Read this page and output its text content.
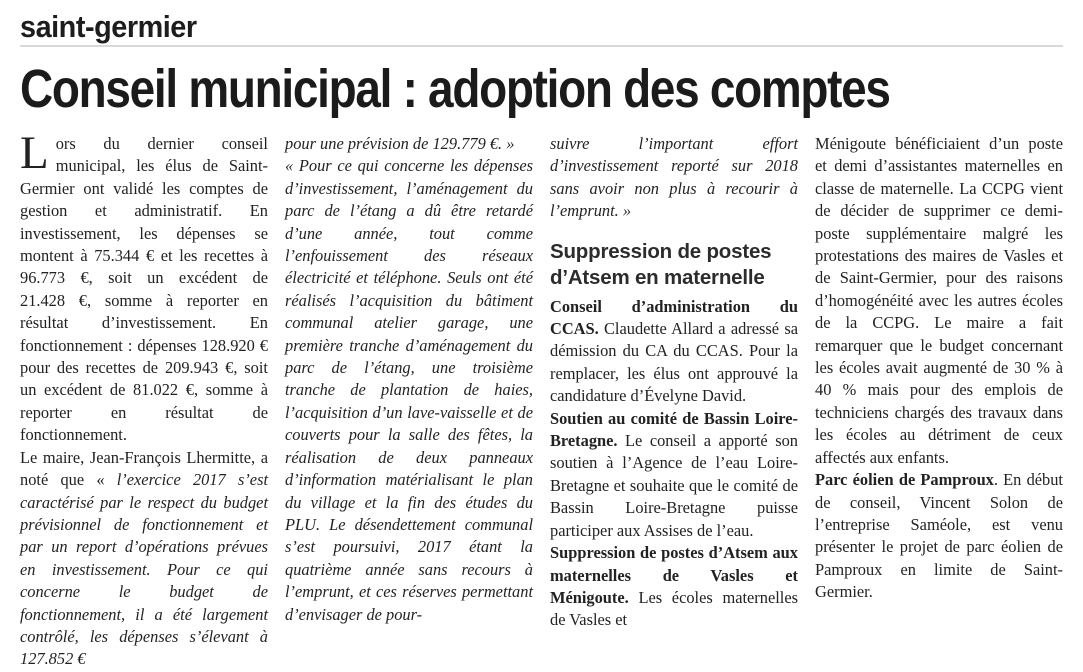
saint-germier
Conseil municipal : adoption des comptes

Lors du dernier conseil municipal, les élus de Saint-Germier ont validé les comptes de gestion et administratif. En investissement, les dépenses se montent à 75.344 € et les recettes à 96.773 €, soit un excédent de 21.428 €, somme à reporter en résultat d’investissement. En fonctionnement : dépenses 128.920 € pour des recettes de 209.943 €, soit un excédent de 81.022 €, somme à reporter en résultat de fonctionnement.

Le maire, Jean-François Lhermitte, a noté que « l’exercice 2017 s’est caractérisé par le respect du budget prévisionnel de fonctionnement et par un report d’opérations prévues en investissement. Pour ce qui concerne le budget de fonctionnement, il a été largement contrôlé, les dépenses s’élevant à 127.852 €

pour une prévision de 129.779 €. »

« Pour ce qui concerne les dépenses d’investissement, l’aménagement du parc de l’étang a dû être retardé d’une année, tout comme l’enfouissement des réseaux électricité et téléphone. Seuls ont été réalisés l’acquisition du bâtiment communal atelier garage, une première tranche d’aménagement du parc de l’étang, une troisième tranche de plantation de haies, l’acquisition d’un lave-vaisselle et de couverts pour la salle des fêtes, la réalisation de deux panneaux d’information matérialisant le plan du village et la fin des études du PLU. Le désendettement communal s’est poursuivi, 2017 étant la quatrième année sans recours à l’emprunt, et ces réserves permettant d’envisager de pour-

suivre l’important effort d’investissement reporté sur 2018 sans avoir non plus à recourir à l’emprunt. »

Suppression de postes
d’Atsem en maternelle

Conseil d’administration du CCAS. Claudette Allard a adressé sa démission du CA du CCAS. Pour la remplacer, les élus ont approuvé la candidature d’Évelyne David.

Soutien au comité de Bassin Loire-Bretagne. Le conseil a apporté son soutien à l’Agence de l’eau Loire-Bretagne et souhaite que le comité de Bassin Loire-Bretagne puisse participer aux Assises de l’eau.

Suppression de postes d’Atsem aux maternelles de Vasles et Ménigoute. Les écoles maternelles de Vasles et

Ménigoute bénéficiaient d’un poste et demi d’assistantes maternelles en classe de maternelle. La CCPG vient de décider de supprimer ce demi-poste supplémentaire malgré les protestations des maires de Vasles et de Saint-Germier, pour des raisons d’homogénéité avec les autres écoles de la CCPG. Le maire a fait remarquer que le budget concernant les écoles avait augmenté de 30 % à 40 % mais pour des emplois de techniciens chargés des travaux dans les écoles au détriment de ceux affectés aux enfants.

Parc éolien de Pamproux. En début de conseil, Vincent Solon de l’entreprise Saméole, est venu présenter le projet de parc éolien de Pamproux en limite de Saint-Germier.
